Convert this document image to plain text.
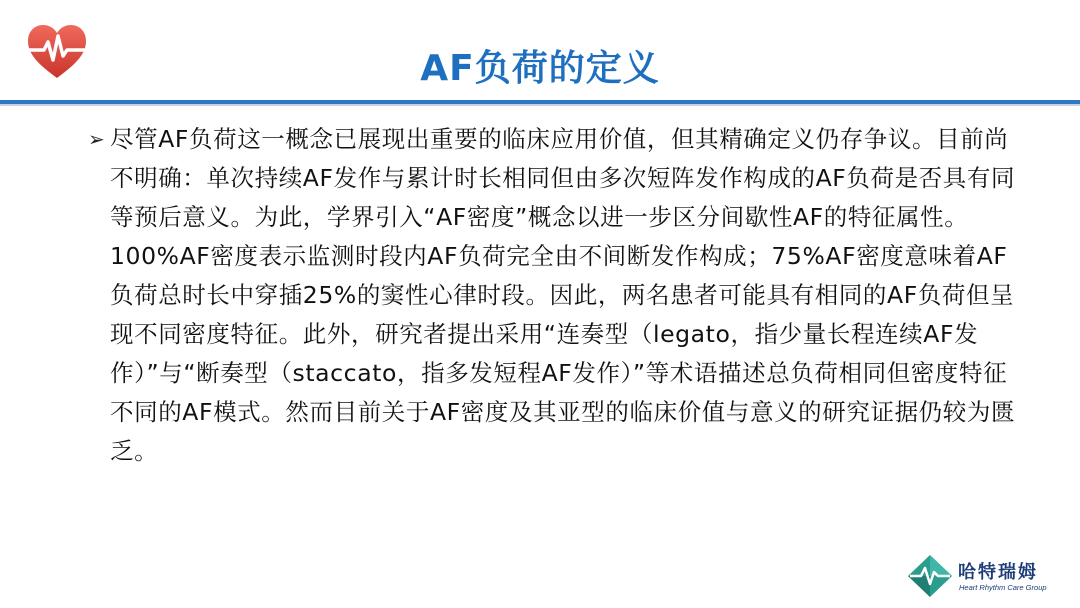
AF负荷的定义
➢ 尽管AF负荷这一概念已展现出重要的临床应用价值，但其精确定义仍存争议。目前尚不明确：单次持续AF发作与累计时长相同但由多次短阵发作构成的AF负荷是否具有同等预后意义。为此，学界引入“AF密度”概念以进一步区分间歇性AF的特征属性。100%AF密度表示监测时段内AF负荷完全由不间断发作构成；75%AF密度意味着AF负荷总时长中穿插25%的窦性心律时段。因此，两名患者可能具有相同的AF负荷但呈现不同密度特征。此外，研究者提出采用“连奏型（legato，指少量长程连续AF发作）”与“断奏型（staccato，指多发短程AF发作）”等术语描述总负荷相同但密度特征不同的AF模式。然而目前关于AF密度及其亚型的临床价值与意义的研究证据仍较为匮乏。

哈特瑞姆
Heart Rhythm Care Group
